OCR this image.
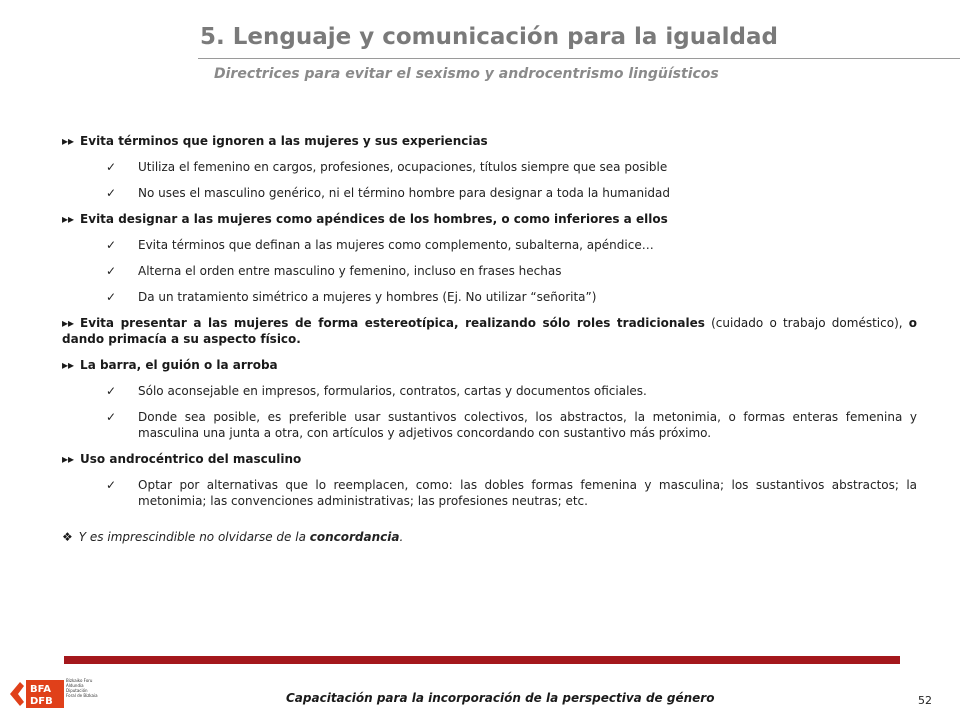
5. Lenguaje y comunicación para la igualdad
Directrices para evitar el sexismo y androcentrismo lingüísticos
▸▸ Evita términos que ignoren a las mujeres y sus experiencias
✓ Utiliza el femenino en cargos, profesiones, ocupaciones, títulos siempre que sea posible
✓ No uses el masculino genérico, ni el término hombre para designar a toda la humanidad
▸▸ Evita designar a las mujeres como apéndices de los hombres, o como inferiores a ellos
✓ Evita términos que definan a las mujeres como complemento, subalterna, apéndice…
✓ Alterna el orden entre masculino y femenino, incluso en frases hechas
✓ Da un tratamiento simétrico a mujeres y hombres (Ej. No utilizar “señorita”)
▸▸ Evita presentar a las mujeres de forma estereotípica, realizando sólo roles tradicionales (cuidado o trabajo doméstico), o dando primacía a su aspecto físico.
▸▸ La barra, el guión o la arroba
✓ Sólo aconsejable en impresos, formularios, contratos, cartas y documentos oficiales.
✓ Donde sea posible, es preferible usar sustantivos colectivos, los abstractos, la metonimia, o formas enteras femenina y masculina una junta a otra, con artículos y adjetivos concordando con sustantivo más próximo.
▸▸ Uso androcéntrico del masculino
✓ Optar por alternativas que lo reemplacen, como: las dobles formas femenina y masculina; los sustantivos abstractos; la metonimia; las convenciones administrativas; las profesiones neutras; etc.
❖ Y es imprescindible no olvidarse de la concordancia.
BFA
DFB
Bizkaiko Foru
Aldundia
Diputación
Foral de Bizkaia	Capacitación para la incorporación de la perspectiva de género	52
